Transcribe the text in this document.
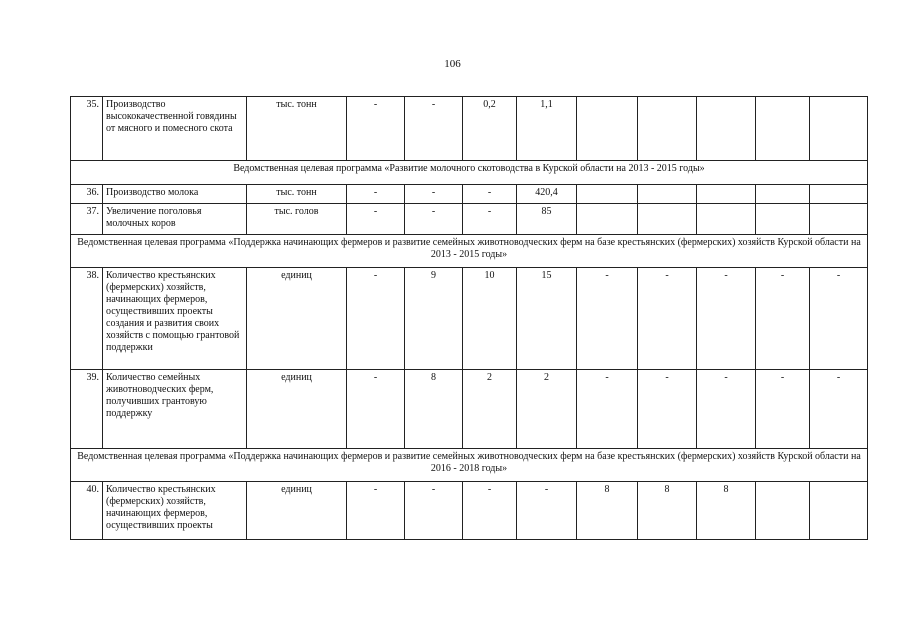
106
35.	Производство высококачественной говядины от мясного и помесного скота	тыс. тонн	-	-	0,2	1,1					
Ведомственная целевая программа «Развитие молочного скотоводства в Курской области на 2013 - 2015 годы»											
36.	Производство молока	тыс. тонн	-	-	-	420,4					
37.	Увеличение поголовья молочных коров	тыс. голов	-	-	-	85					
Ведомственная целевая программа «Поддержка начинающих фермеров и развитие семейных животноводческих ферм на базе крестьянских (фермерских) хозяйств Курской области на 2013 - 2015 годы»											
38.	Количество крестьянских (фермерских) хозяйств, начинающих фермеров, осуществивших проекты создания и развития своих хозяйств с помощью грантовой поддержки	единиц	-	9	10	15	-	-	-	-	-
39.	Количество семейных животноводческих ферм, получивших грантовую поддержку	единиц	-	8	2	2	-	-	-	-	-
Ведомственная целевая программа «Поддержка начинающих фермеров и развитие семейных животноводческих ферм на базе крестьянских (фермерских) хозяйств Курской области на 2016 - 2018 годы»											
40.	Количество крестьянских (фермерских) хозяйств, начинающих фермеров, осуществивших проекты	единиц	-	-	-	-	8	8	8		
